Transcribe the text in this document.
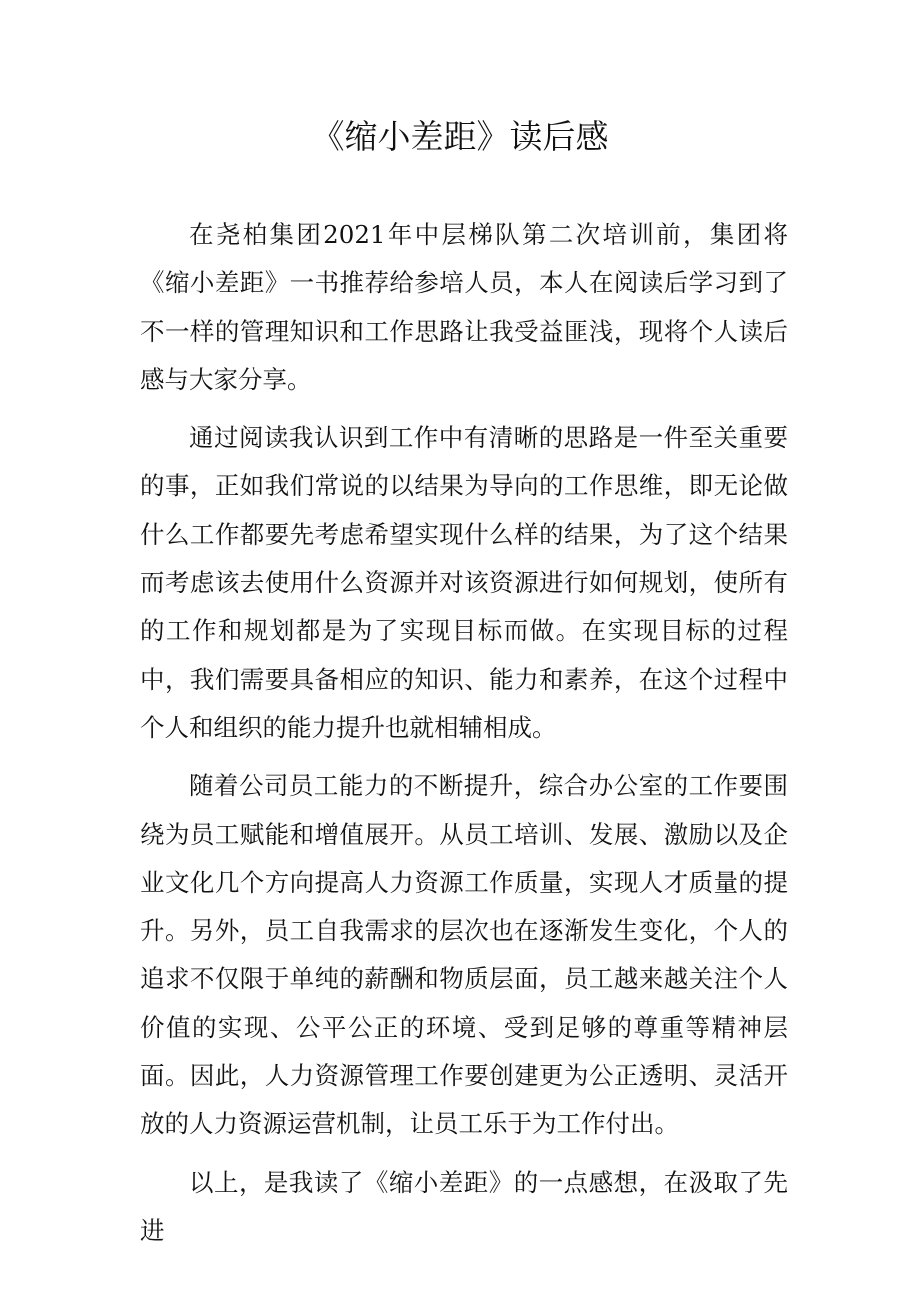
《缩小差距》读后感

在尧柏集团2021年中层梯队第二次培训前，集团将《缩小差距》一书推荐给参培人员，本人在阅读后学习到了不一样的管理知识和工作思路让我受益匪浅，现将个人读后感与大家分享。

通过阅读我认识到工作中有清晰的思路是一件至关重要的事，正如我们常说的以结果为导向的工作思维，即无论做什么工作都要先考虑希望实现什么样的结果，为了这个结果而考虑该去使用什么资源并对该资源进行如何规划，使所有的工作和规划都是为了实现目标而做。在实现目标的过程中，我们需要具备相应的知识、能力和素养，在这个过程中个人和组织的能力提升也就相辅相成。

随着公司员工能力的不断提升，综合办公室的工作要围绕为员工赋能和增值展开。从员工培训、发展、激励以及企业文化几个方向提高人力资源工作质量，实现人才质量的提升。另外，员工自我需求的层次也在逐渐发生变化，个人的追求不仅限于单纯的薪酬和物质层面，员工越来越关注个人价值的实现、公平公正的环境、受到足够的尊重等精神层面。因此，人力资源管理工作要创建更为公正透明、灵活开放的人力资源运营机制，让员工乐于为工作付出。

以上，是我读了《缩小差距》的一点感想，在汲取了先进
